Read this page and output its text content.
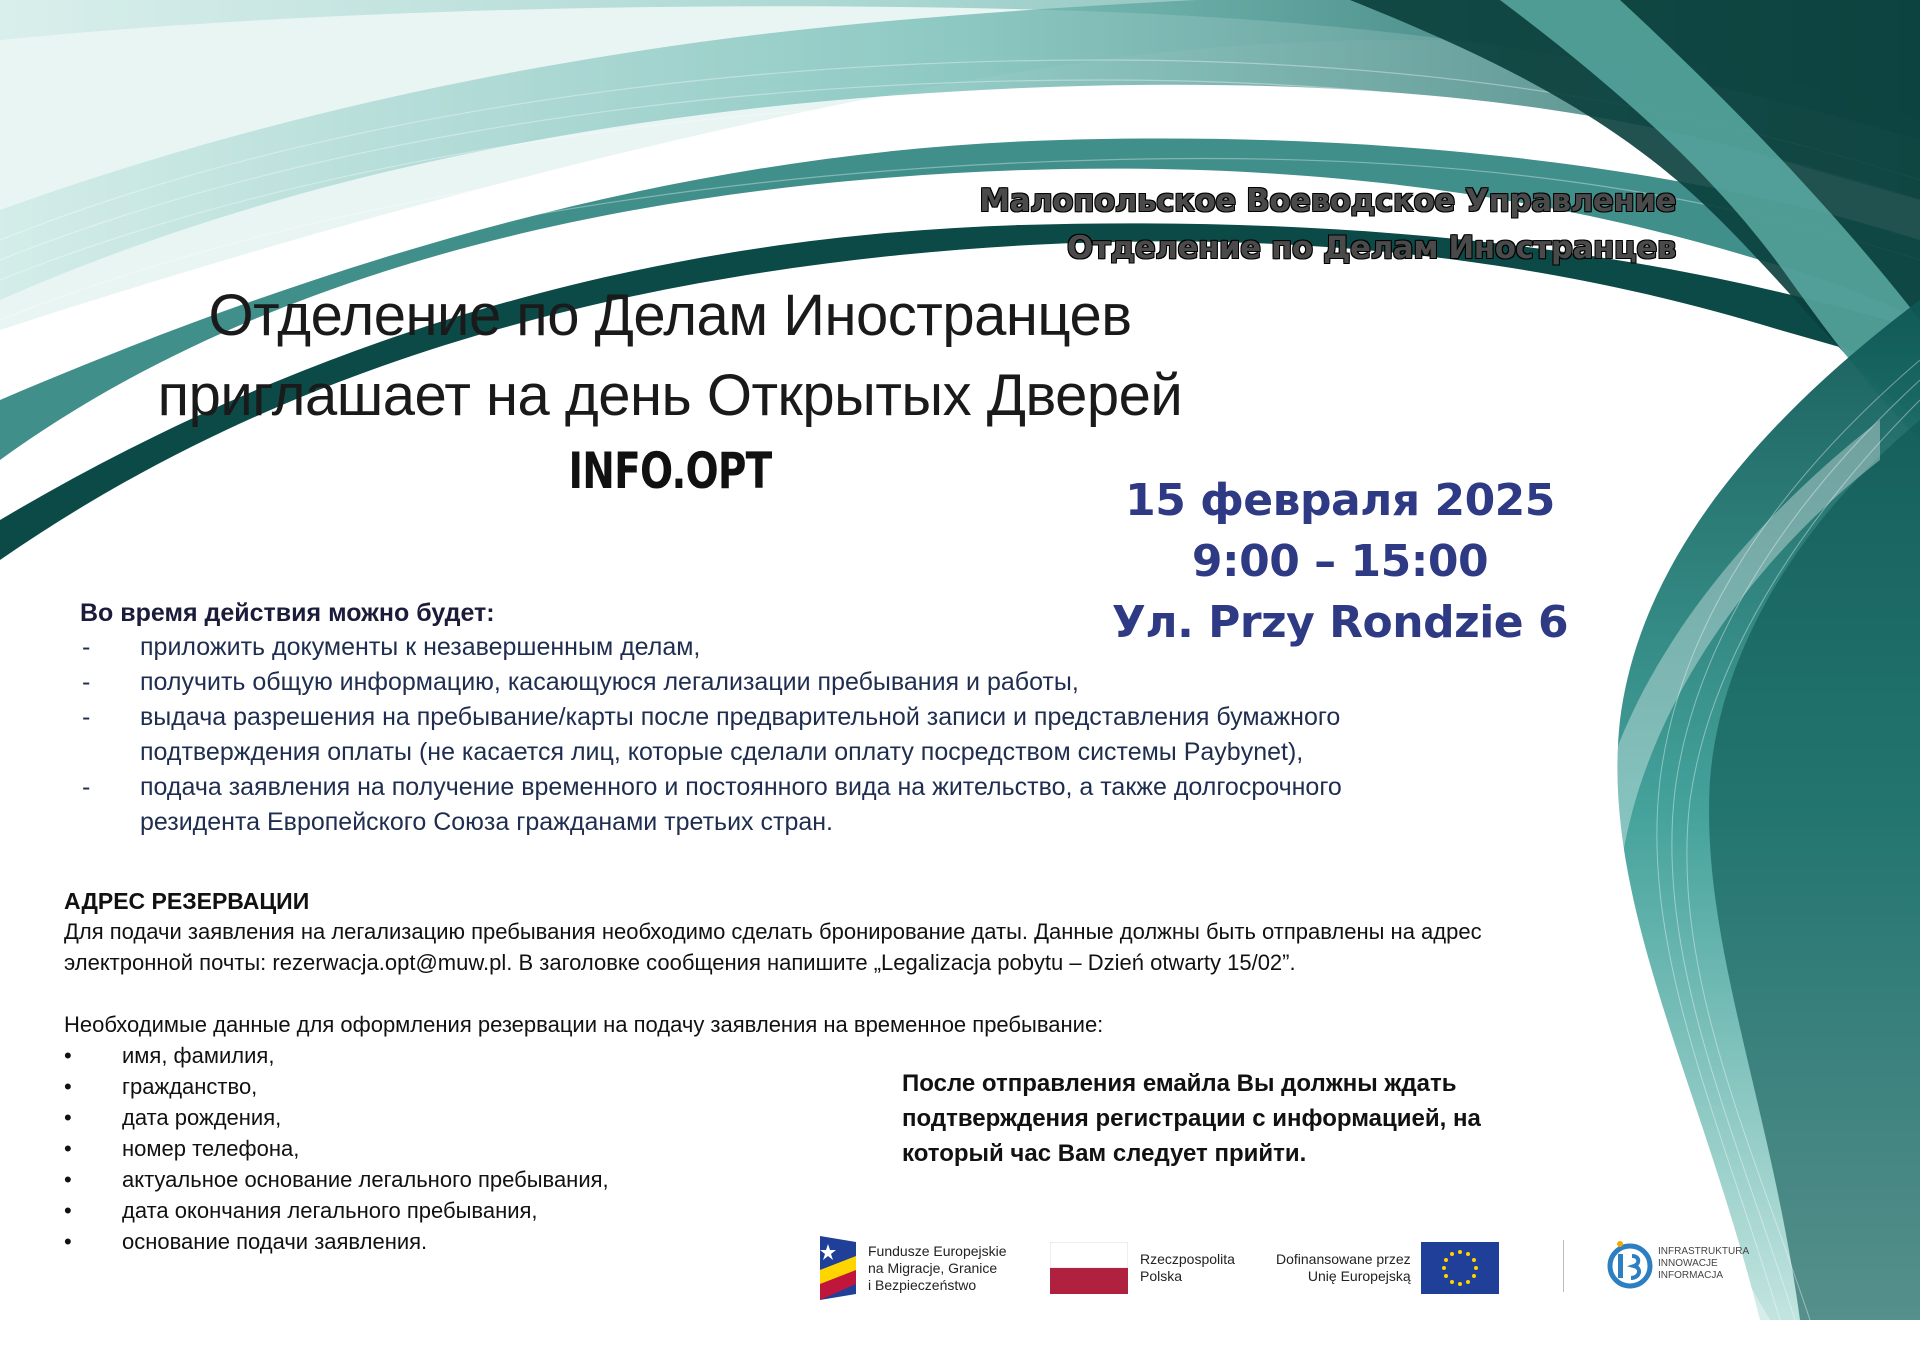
Малопольское Воеводское Управление
Отделение по Делам Иностранцев
Отделение по Делам Иностранцев
приглашает на день Открытых Дверей
INFO.OPT
15 февраля 2025
9:00 – 15:00
Ул. Przy Rondzie 6
Во время действия можно будет:
- приложить документы к незавершенным делам,
- получить общую информацию, касающуюся легализации пребывания и работы,
- выдача разрешения на пребывание/карты после предварительной записи и представления бумажного
подтверждения оплаты (не касается лиц, которые сделали оплату посредством системы Paybynet),
- подача заявления на получение временного и постоянного вида на жительство, а также долгосрочного
резидента Европейского Союза гражданами третьих стран.
АДРЕС РЕЗЕРВАЦИИ
Для подачи заявления на легализацию пребывания необходимо сделать бронирование даты. Данные должны быть отправлены на адрес
электронной почты: rezerwacja.opt@muw.pl. В заголовке сообщения напишите „Legalizacja pobytu – Dzień otwarty 15/02”.
Необходимые данные для оформления резервации на подачу заявления на временное пребывание:
• имя, фамилия,
• гражданство,
• дата рождения,
• номер телефона,
• актуальное основание легального пребывания,
• дата окончания легального пребывания,
• основание подачи заявления.
После отправления емайла Вы должны ждать
подтверждения регистрации с информацией, на
который час Вам следует прийти.
Fundusze Europejskie
na Migracje, Granice
i Bezpieczeństwo
Rzeczpospolita
Polska
Dofinansowane przez
Unię Europejską
INFRASTRUKTURA
INNOWACJE
INFORMACJA
